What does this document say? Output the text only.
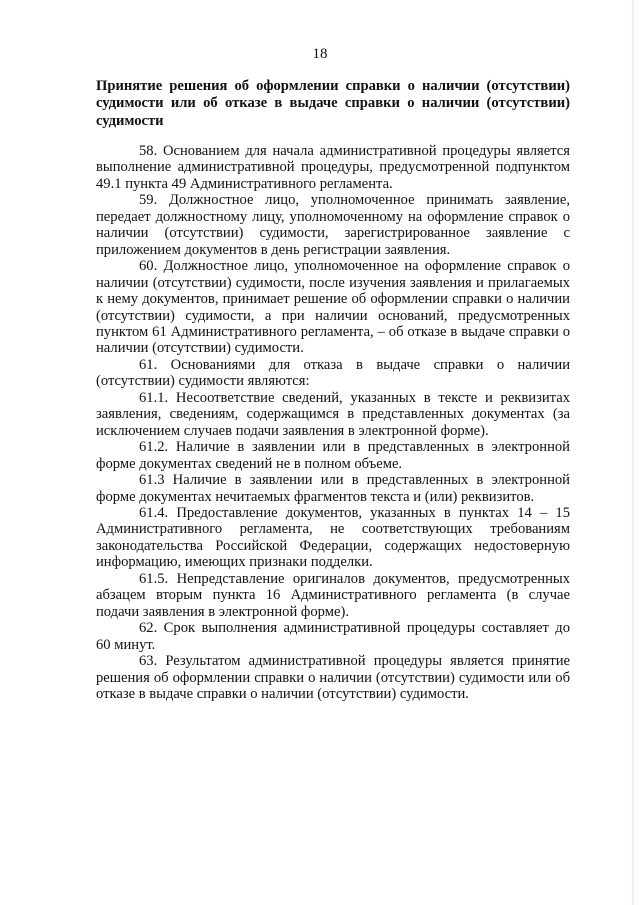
18
Принятие решения об оформлении справки о наличии (отсутствии) судимости или об отказе в выдаче справки о наличии (отсутствии) судимости

58. Основанием для начала административной процедуры является выполнение административной процедуры, предусмотренной подпунктом 49.1 пункта 49 Административного регламента.

59. Должностное лицо, уполномоченное принимать заявление, передает должностному лицу, уполномоченному на оформление справок о наличии (отсутствии) судимости, зарегистрированное заявление с приложением документов в день регистрации заявления.

60. Должностное лицо, уполномоченное на оформление справок о наличии (отсутствии) судимости, после изучения заявления и прилагаемых к нему документов, принимает решение об оформлении справки о наличии (отсутствии) судимости, а при наличии оснований, предусмотренных пунктом 61 Административного регламента, – об отказе в выдаче справки о наличии (отсутствии) судимости.

61. Основаниями для отказа в выдаче справки о наличии (отсутствии) судимости являются:

61.1. Несоответствие сведений, указанных в тексте и реквизитах заявления, сведениям, содержащимся в представленных документах (за исключением случаев подачи заявления в электронной форме).

61.2. Наличие в заявлении или в представленных в электронной форме документах сведений не в полном объеме.

61.3 Наличие в заявлении или в представленных в электронной форме документах нечитаемых фрагментов текста и (или) реквизитов.

61.4. Предоставление документов, указанных в пунктах 14 – 15 Административного регламента, не соответствующих требованиям законодательства Российской Федерации, содержащих недостоверную информацию, имеющих признаки подделки.

61.5. Непредставление оригиналов документов, предусмотренных абзацем вторым пункта 16 Административного регламента (в случае подачи заявления в электронной форме).

62. Срок выполнения административной процедуры составляет до 60 минут.

63. Результатом административной процедуры является принятие решения об оформлении справки о наличии (отсутствии) судимости или об отказе в выдаче справки о наличии (отсутствии) судимости.
